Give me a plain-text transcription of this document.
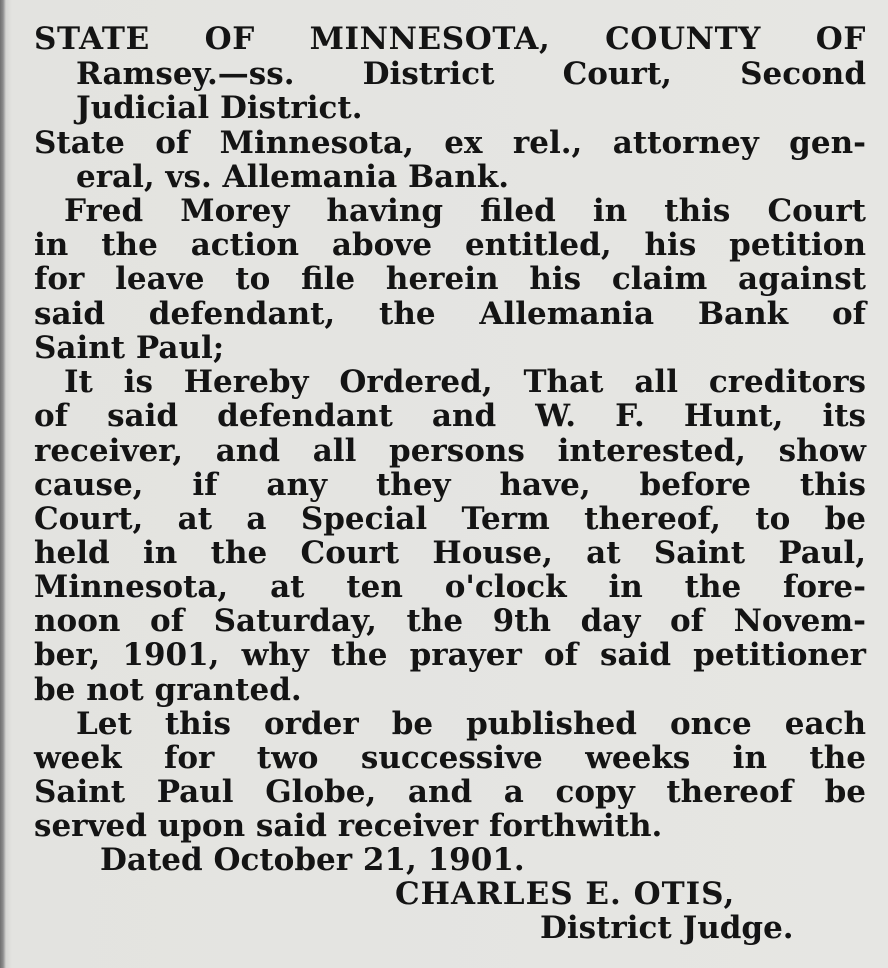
STATE OF MINNESOTA, COUNTY OF
Ramsey.—ss. District Court, Second
Judicial District.
State of Minnesota, ex rel., attorney gen-
eral, vs. Allemania Bank.
Fred Morey having filed in this Court
in the action above entitled, his petition
for leave to file herein his claim against
said defendant, the Allemania Bank of
Saint Paul;
It is Hereby Ordered, That all creditors
of said defendant and W. F. Hunt, its
receiver, and all persons interested, show
cause, if any they have, before this
Court, at a Special Term thereof, to be
held in the Court House, at Saint Paul,
Minnesota, at ten o'clock in the fore-
noon of Saturday, the 9th day of Novem-
ber, 1901, why the prayer of said petitioner
be not granted.
Let this order be published once each
week for two successive weeks in the
Saint Paul Globe, and a copy thereof be
served upon said receiver forthwith.
Dated October 21, 1901.
CHARLES E. OTIS,
District Judge.
